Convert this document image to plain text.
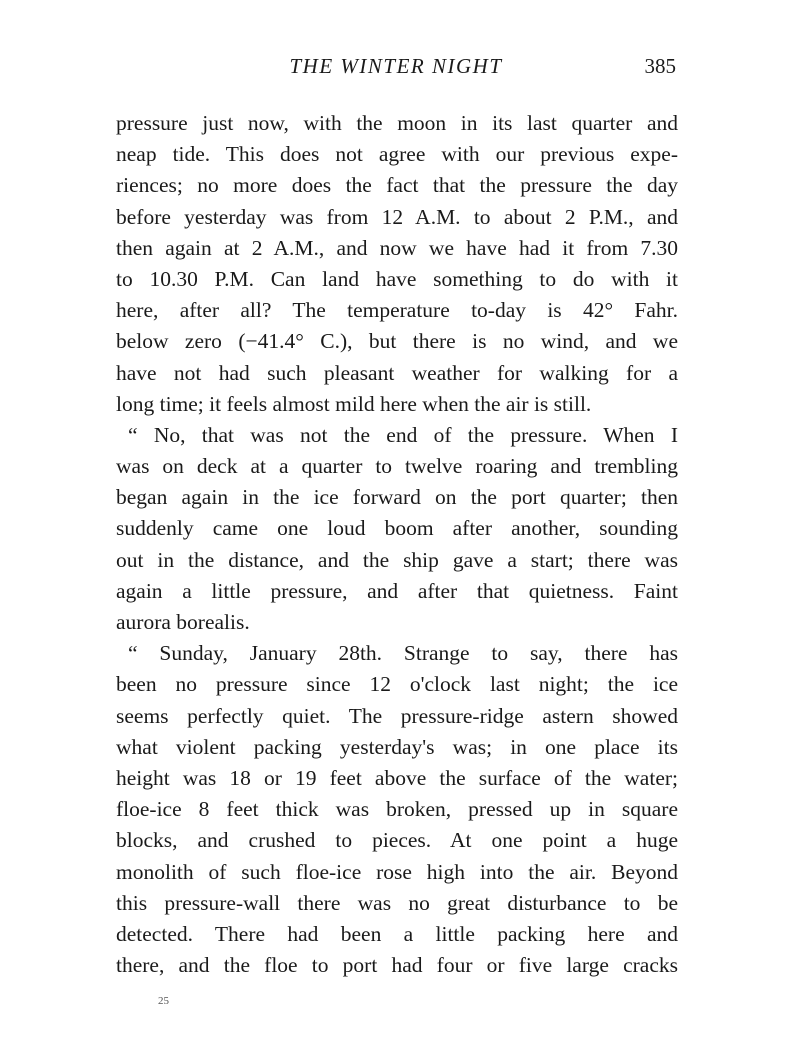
THE WINTER NIGHT	385
pressure just now, with the moon in its last quarter and
neap tide. This does not agree with our previous expe-
riences; no more does the fact that the pressure the day
before yesterday was from 12 A.M. to about 2 P.M., and
then again at 2 A.M., and now we have had it from 7.30
to 10.30 P.M. Can land have something to do with it
here, after all? The temperature to-day is 42° Fahr.
below zero (−41.4° C.), but there is no wind, and we
have not had such pleasant weather for walking for a
long time; it feels almost mild here when the air is still.
“ No, that was not the end of the pressure. When I
was on deck at a quarter to twelve roaring and trembling
began again in the ice forward on the port quarter; then
suddenly came one loud boom after another, sounding
out in the distance, and the ship gave a start; there was
again a little pressure, and after that quietness. Faint
aurora borealis.
“ Sunday, January 28th. Strange to say, there has
been no pressure since 12 o'clock last night; the ice
seems perfectly quiet. The pressure-ridge astern showed
what violent packing yesterday's was; in one place its
height was 18 or 19 feet above the surface of the water;
floe-ice 8 feet thick was broken, pressed up in square
blocks, and crushed to pieces. At one point a huge
monolith of such floe-ice rose high into the air. Beyond
this pressure-wall there was no great disturbance to be
detected. There had been a little packing here and
there, and the floe to port had four or five large cracks
25
